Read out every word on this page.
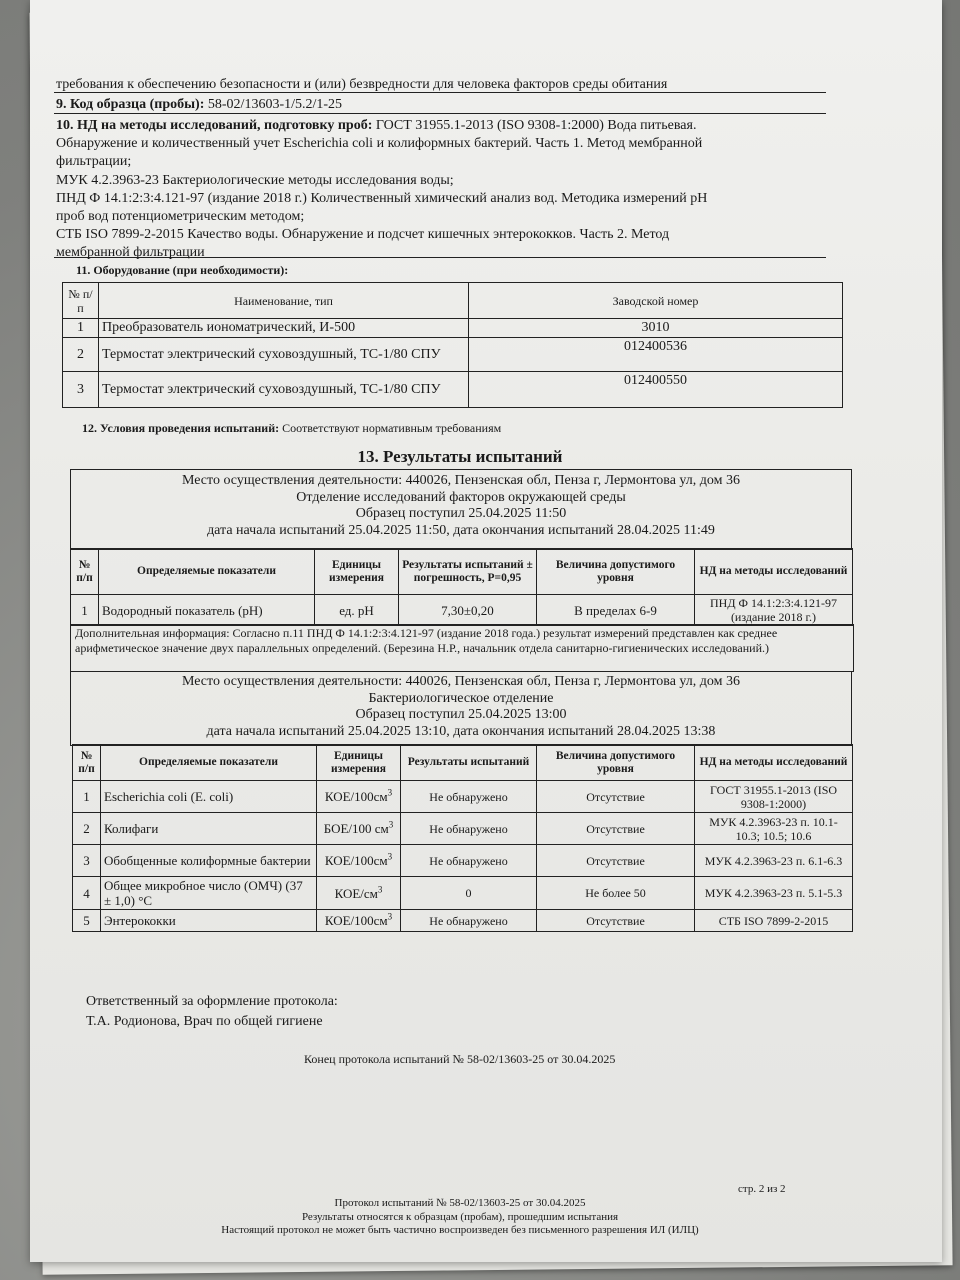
требования к обеспечению безопасности и (или) безвредности для человека факторов среды обитания
9. Код образца (пробы): 58-02/13603-1/5.2/1-25
10. НД на методы исследований, подготовку проб: ГОСТ 31955.1-2013 (ISO 9308-1:2000) Вода питьевая.
Обнаружение и количественный учет Escherichia coli и колиформных бактерий. Часть 1. Метод мембранной
фильтрации;
МУК 4.2.3963-23 Бактериологические методы исследования воды;
ПНД Ф 14.1:2:3:4.121-97 (издание 2018 г.) Количественный химический анализ вод. Методика измерений pH
проб вод потенциометрическим методом;
СТБ ISO 7899-2-2015 Качество воды. Обнаружение и подсчет кишечных энтерококков. Часть 2. Метод
мембранной фильтрации
11. Оборудование (при необходимости):
№ п/п	Наименование, тип	Заводской номер
1	Преобразователь иономатрический, И-500	3010
2	Термостат электрический суховоздушный, ТС-1/80 СПУ	012400536
3	Термостат электрический суховоздушный, ТС-1/80 СПУ	012400550
12. Условия проведения испытаний: Соответствуют нормативным требованиям
13. Результаты испытаний
Место осуществления деятельности: 440026, Пензенская обл, Пенза г, Лермонтова ул, дом 36
Отделение исследований факторов окружающей среды
Образец поступил 25.04.2025 11:50
дата начала испытаний 25.04.2025 11:50, дата окончания испытаний 28.04.2025 11:49
№ п/п	Определяемые показатели	Единицы измерения	Результаты испытаний ± погрешность, P=0,95	Величина допустимого уровня	НД на методы исследований
1	Водородный показатель (pH)	ед. pH	7,30±0,20	В пределах 6-9	ПНД Ф 14.1:2:3:4.121-97 (издание 2018 г.)
Дополнительная информация: Согласно п.11 ПНД Ф 14.1:2:3:4.121-97 (издание 2018 года.) результат измерений представлен как среднее арифметическое значение двух параллельных определений. (Березина Н.Р., начальник отдела санитарно-гигиенических исследований.)
Место осуществления деятельности: 440026, Пензенская обл, Пенза г, Лермонтова ул, дом 36
Бактериологическое отделение
Образец поступил 25.04.2025 13:00
дата начала испытаний 25.04.2025 13:10, дата окончания испытаний 28.04.2025 13:38
№ п/п	Определяемые показатели	Единицы измерения	Результаты испытаний	Величина допустимого уровня	НД на методы исследований
1	Escherichia coli (E. coli)	КОЕ/$100см^3$	Не обнаружено	Отсутствие	ГОСТ 31955.1-2013 (ISO 9308-1:2000)
2	Колифаги	БОЕ/100 $см^3$	Не обнаружено	Отсутствие	МУК 4.2.3963-23 п. 10.1-10.3; 10.5; 10.6
3	Обобщенные колиформные бактерии	КОЕ/$100см^3$	Не обнаружено	Отсутствие	МУК 4.2.3963-23 п. 6.1-6.3
4	Общее микробное число (ОМЧ) (37 ± 1,0) °С	КОЕ/$см^3$	0	Не более 50	МУК 4.2.3963-23 п. 5.1-5.3
5	Энтерококки	КОЕ/$100см^3$	Не обнаружено	Отсутствие	СТБ ISO 7899-2-2015
Ответственный за оформление протокола:
Т.А. Родионова, Врач по общей гигиене
Конец протокола испытаний № 58-02/13603-25 от 30.04.2025
стр. 2 из 2
Протокол испытаний № 58-02/13603-25 от 30.04.2025
Результаты относятся к образцам (пробам), прошедшим испытания
Настоящий протокол не может быть частично воспроизведен без письменного разрешения ИЛ (ИЛЦ)
